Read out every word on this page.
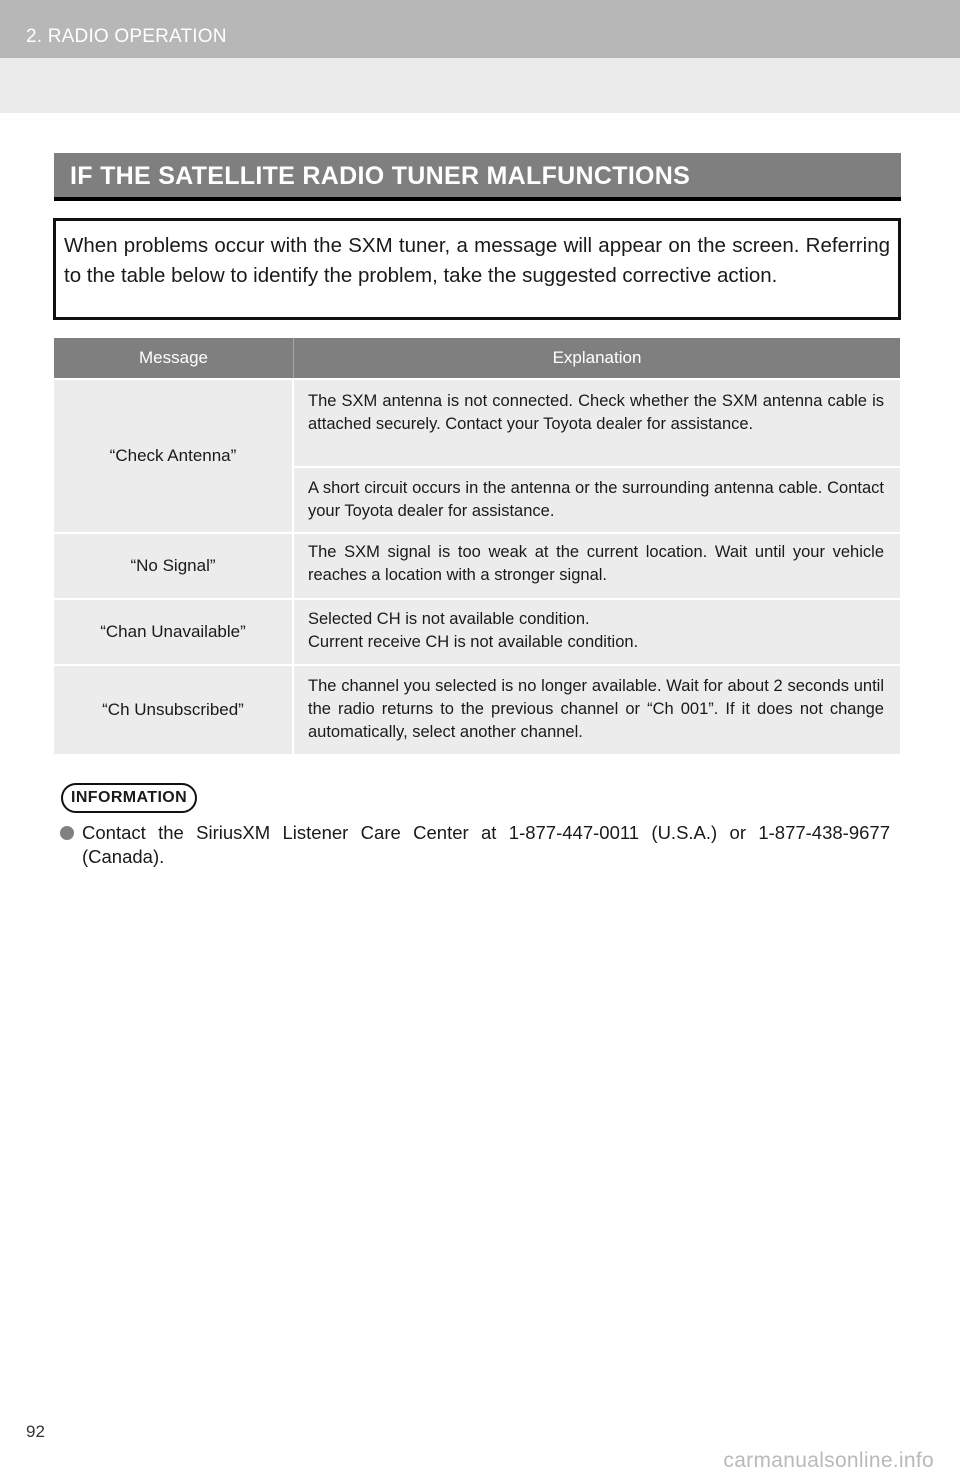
2. RADIO OPERATION
IF THE SATELLITE RADIO TUNER MALFUNCTIONS

When problems occur with the SXM tuner, a message will appear on the screen. Referring to the table below to identify the problem, take the suggested corrective action.

Message	Explanation
“Check Antenna”
The SXM antenna is not connected. Check whether the SXM antenna cable is attached securely. Contact your Toyota dealer for assistance.
A short circuit occurs in the antenna or the surrounding antenna cable. Contact your Toyota dealer for assistance.
“No Signal”
The SXM signal is too weak at the current location. Wait until your vehicle reaches a location with a stronger signal.
“Chan Unavailable”
Selected CH is not available condition.
Current receive CH is not available condition.
“Ch Unsubscribed”
The channel you selected is no longer available. Wait for about 2 seconds until the radio returns to the previous channel or “Ch 001”. If it does not change automatically, select another channel.
INFORMATION

Contact the SiriusXM Listener Care Center at 1-877-447-0011 (U.S.A.) or 1-877-438-9677 (Canada).

92
carmanualsonline.info
